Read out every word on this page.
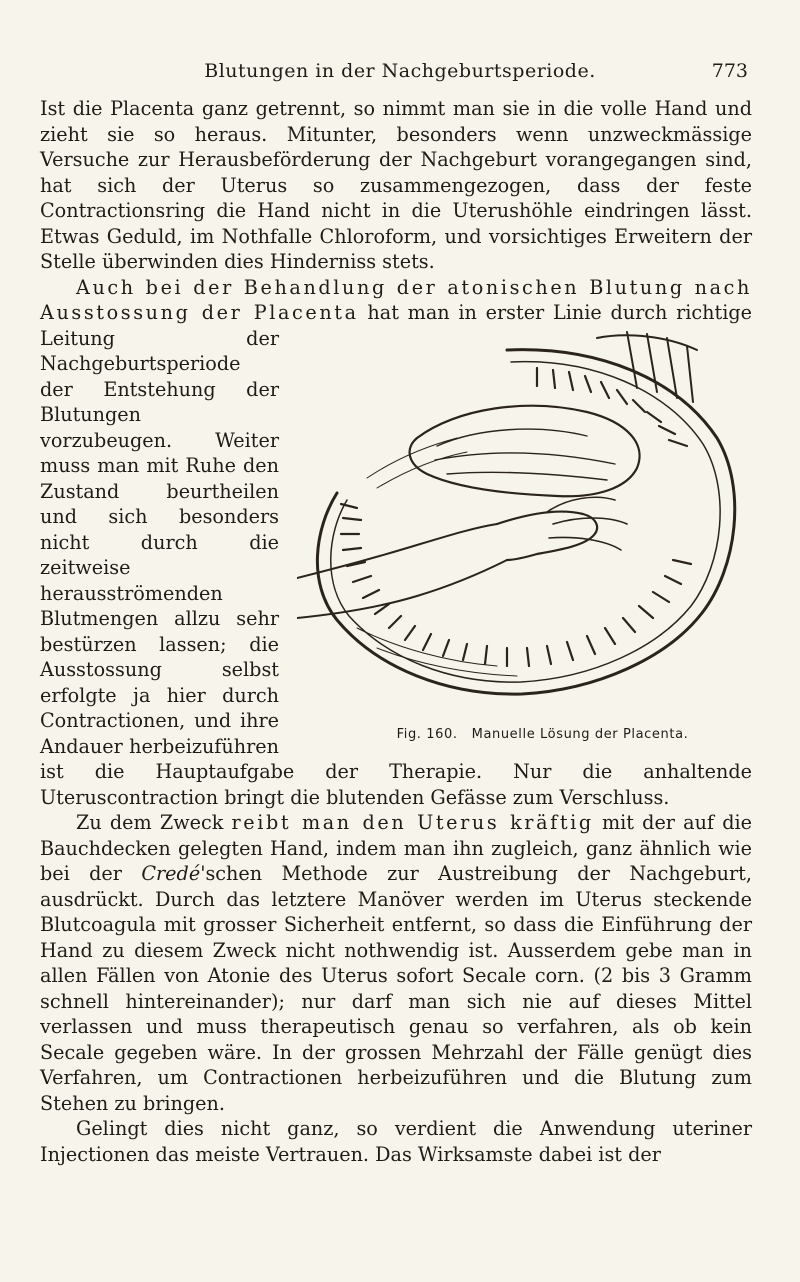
Blutungen in der Nachgeburtsperiode.	773

Ist die Placenta ganz getrennt, so nimmt man sie in die volle Hand und zieht sie so heraus. Mitunter, besonders wenn unzweckmässige Versuche zur Herausbeförderung der Nachgeburt vorangegangen sind, hat sich der Uterus so zusammengezogen, dass der feste Contractionsring die Hand nicht in die Uterushöhle eindringen lässt. Etwas Geduld, im Nothfalle Chloroform, und vorsichtiges Erweitern der Stelle überwinden dies Hinderniss stets.

Auch bei der Behandlung der atonischen Blutung nach Ausstossung der Placenta
Fig. 160. Manuelle Lösung der Placenta.
hat man in erster Linie durch richtige Leitung der Nachgeburtsperiode der Entstehung der Blutungen vorzubeugen. Weiter muss man mit Ruhe den Zustand beurtheilen und sich besonders nicht durch die zeitweise herausströmenden Blutmengen allzu sehr bestürzen lassen; die Ausstossung selbst erfolgte ja hier durch Contractionen, und ihre Andauer herbeizuführen ist die Hauptaufgabe der Therapie. Nur die anhaltende Uteruscontraction bringt die blutenden Gefässe zum Verschluss.

Zu dem Zweck reibt man den Uterus kräftig mit der auf die Bauchdecken gelegten Hand, indem man ihn zugleich, ganz ähnlich wie bei der Credé'schen Methode zur Austreibung der Nachgeburt, ausdrückt. Durch das letztere Manöver werden im Uterus steckende Blutcoagula mit grosser Sicherheit entfernt, so dass die Einführung der Hand zu diesem Zweck nicht nothwendig ist. Ausserdem gebe man in allen Fällen von Atonie des Uterus sofort Secale corn. (2 bis 3 Gramm schnell hintereinander); nur darf man sich nie auf dieses Mittel verlassen und muss therapeutisch genau so verfahren, als ob kein Secale gegeben wäre. In der grossen Mehrzahl der Fälle genügt dies Verfahren, um Contractionen herbeizuführen und die Blutung zum Stehen zu bringen.

Gelingt dies nicht ganz, so verdient die Anwendung uteriner Injectionen das meiste Vertrauen. Das Wirksamste dabei ist der
